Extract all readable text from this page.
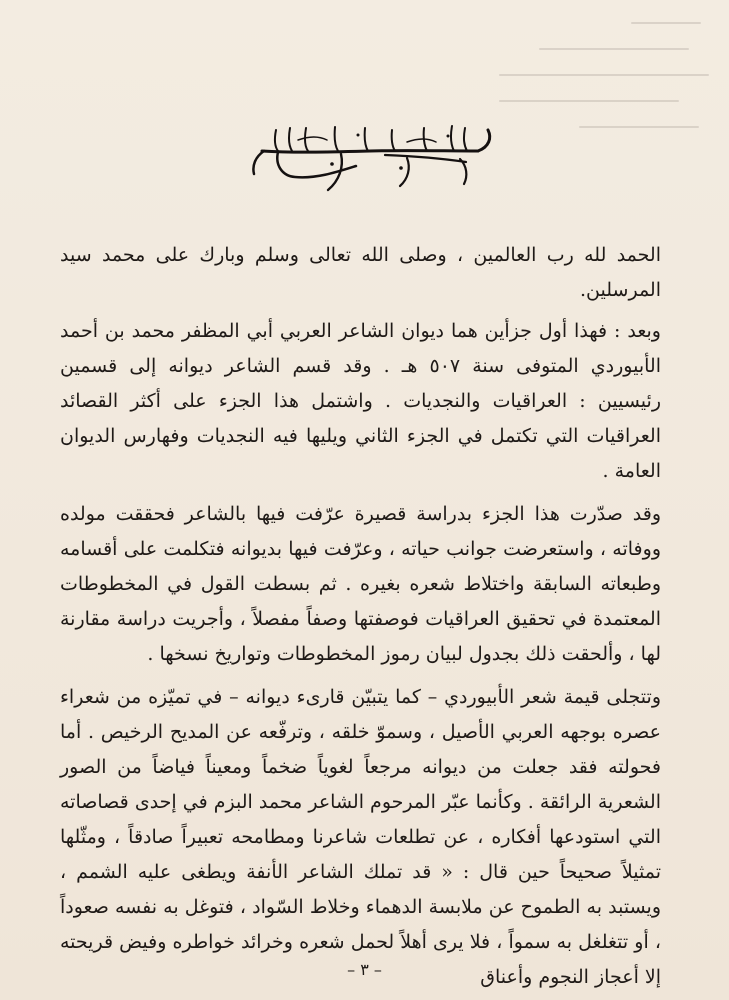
الحمد لله رب العالمين ، وصلى الله تعالى وسلم وبارك على محمد سيد المرسلين.

وبعد : فهذا أول جزأين هما ديوان الشاعر العربي أبي المظفر محمد بن أحمد الأبيوردي المتوفى سنة ٥٠٧ هـ . وقد قسم الشاعر ديوانه إلى قسمين رئيسيين : العراقيات والنجديات . واشتمل هذا الجزء على أكثر القصائد العراقيات التي تكتمل في الجزء الثاني ويليها فيه النجديات وفهارس الديوان العامة .

وقد صدّرت هذا الجزء بدراسة قصيرة عرّفت فيها بالشاعر فحققت مولده ووفاته ، واستعرضت جوانب حياته ، وعرّفت فيها بديوانه فتكلمت على أقسامه وطبعاته السابقة واختلاط شعره بغيره . ثم بسطت القول في المخطوطات المعتمدة في تحقيق العراقيات فوصفتها وصفاً مفصلاً ، وأجريت دراسة مقارنة لها ، وألحقت ذلك بجدول لبيان رموز المخطوطات وتواريخ نسخها .

وتتجلى قيمة شعر الأبيوردي – كما يتبيّن قارىء ديوانه – في تميّزه من شعراء عصره بوجهه العربي الأصيل ، وسموّ خلقه ، وترفّعه عن المديح الرخيص . أما فحولته فقد جعلت من ديوانه مرجعاً لغوياً ضخماً ومعيناً فياضاً من الصور الشعرية الرائقة . وكأنما عبّر المرحوم الشاعر محمد البزم في إحدى قصاصاته التي استودعها أفكاره ، عن تطلعات شاعرنا ومطامحه تعبيراً صادقاً ، ومثّلها تمثيلاً صحيحاً حين قال : « قد تملك الشاعر الأنفة ويطغى عليه الشمم ، ويستبد به الطموح عن ملابسة الدهماء وخلاط السّواد ، فتوغل به نفسه صعوداً ، أو تتغلغل به سمواً ، فلا يرى أهلاً لحمل شعره وخرائد خواطره وفيض قريحته إلا أعجاز النجوم وأعناق

– ٣ –
